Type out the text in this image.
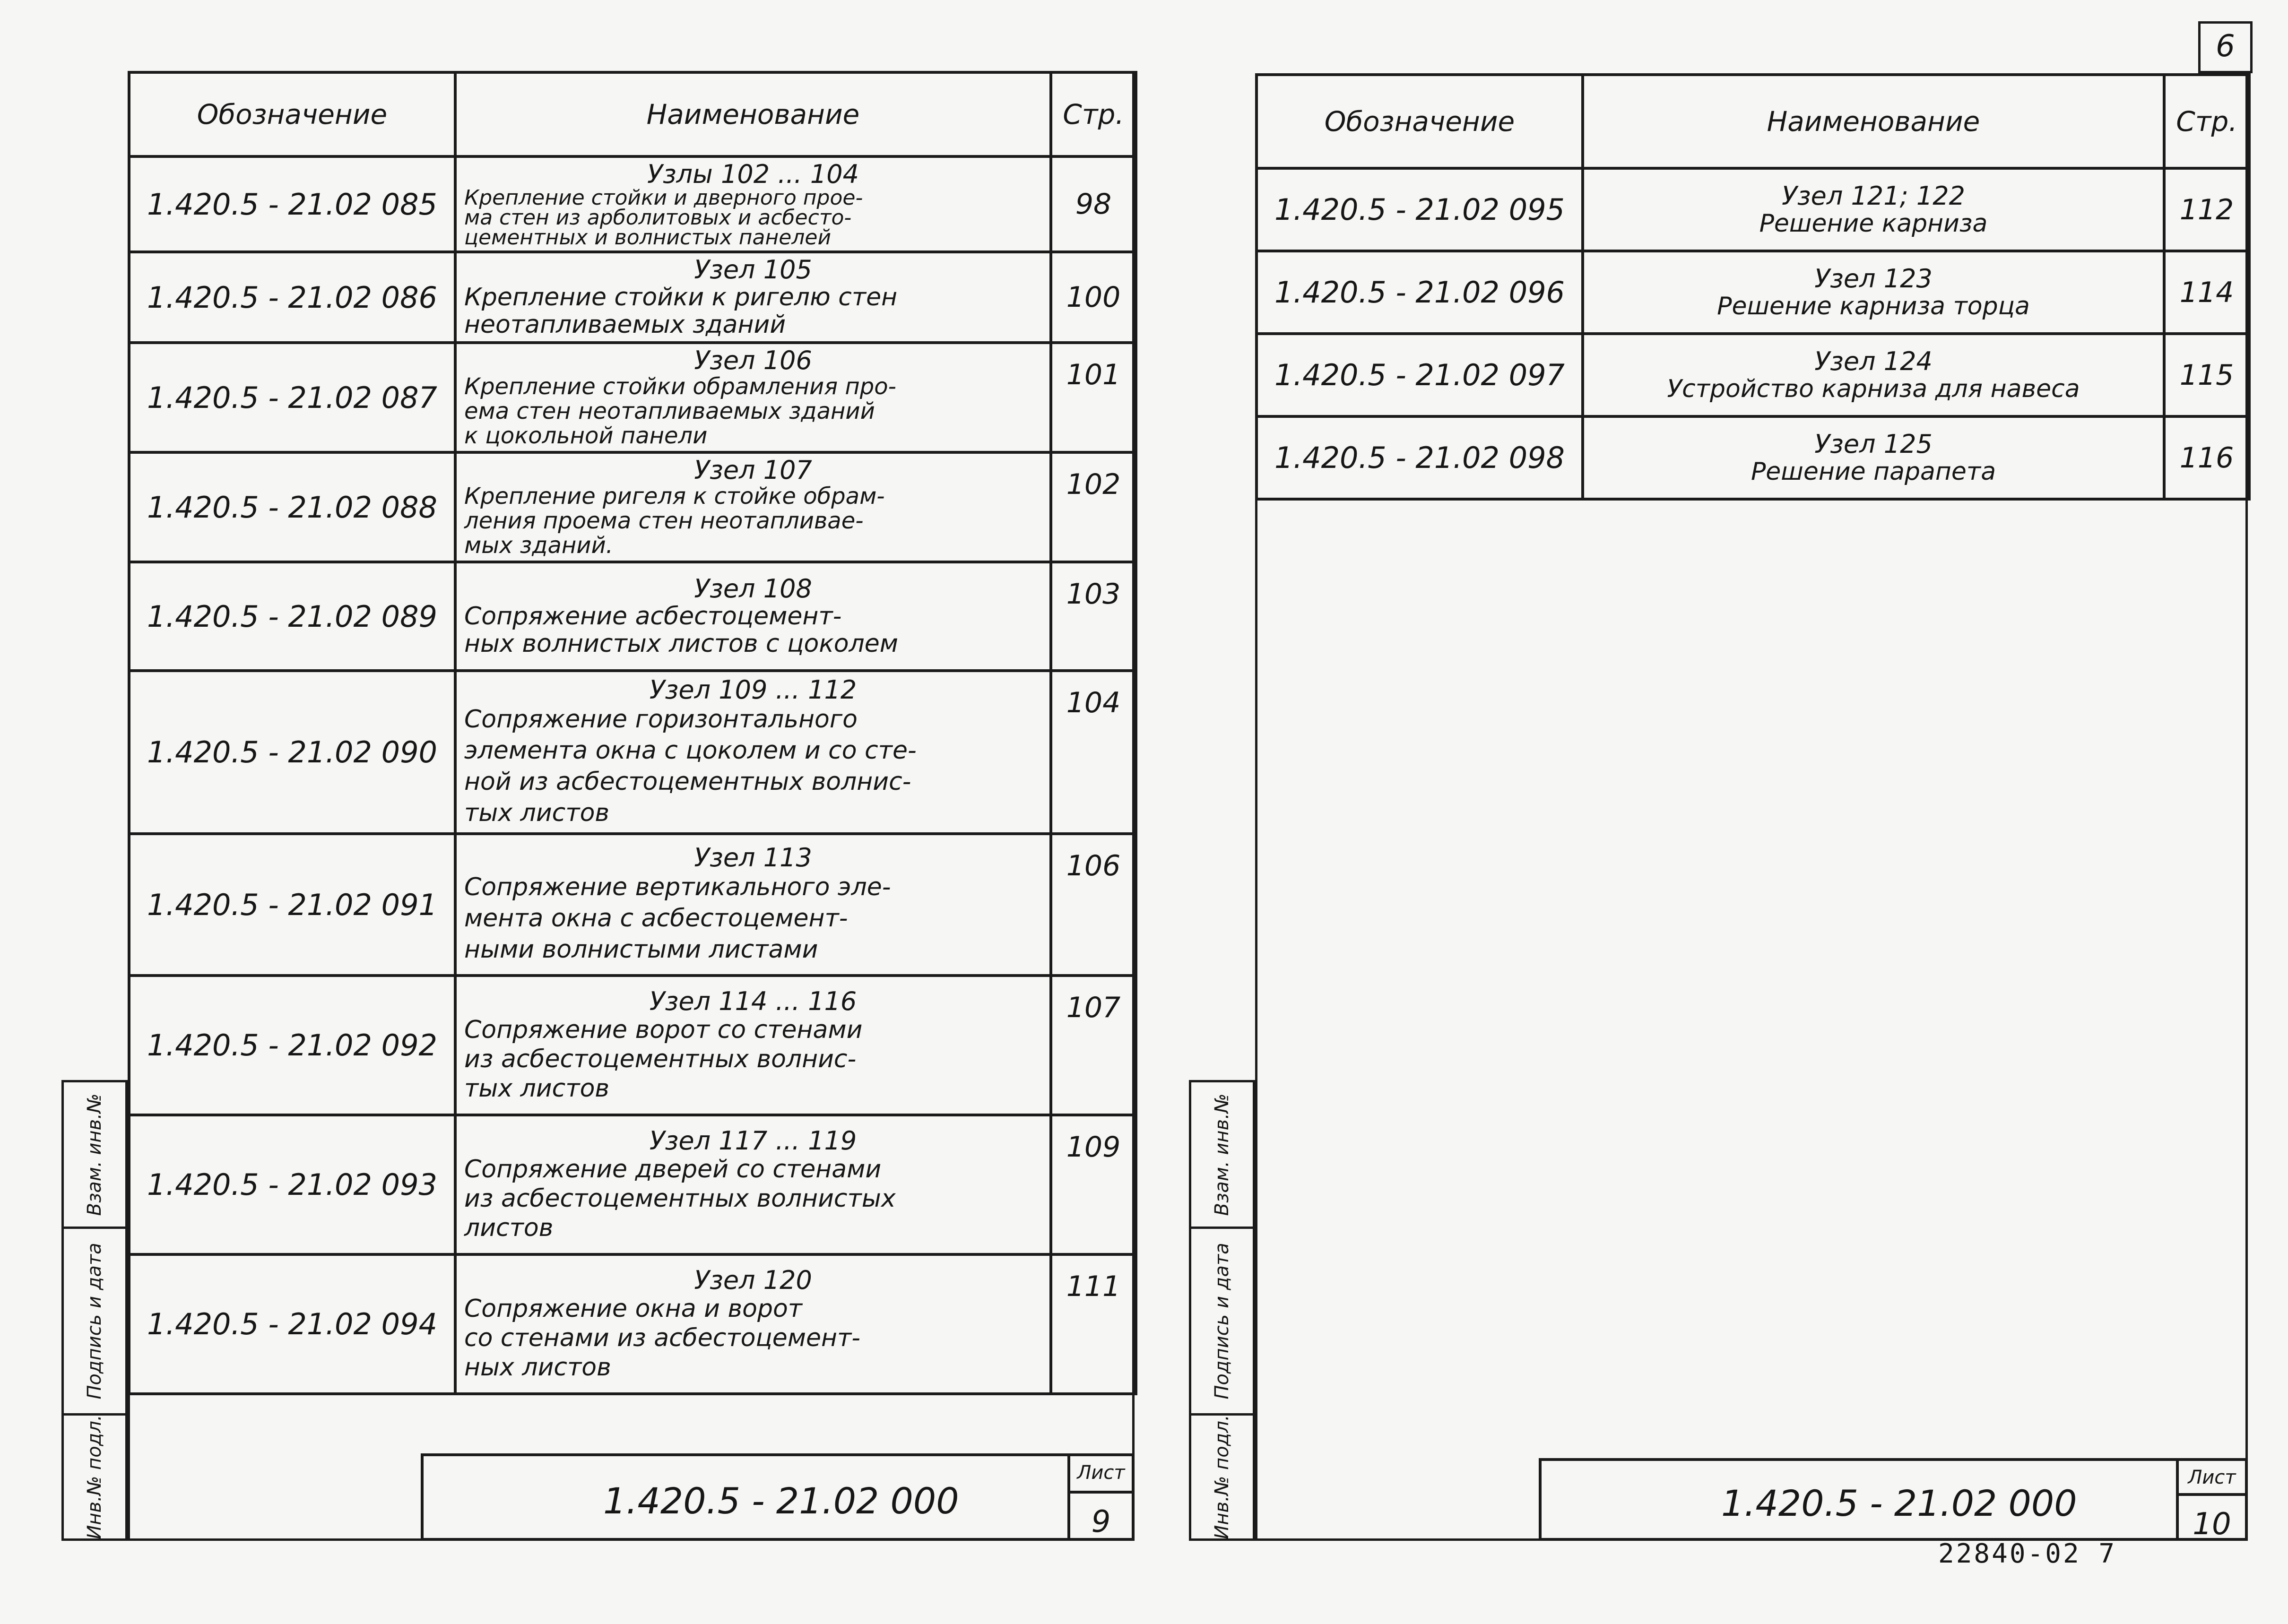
Обозначение	Наименование	Стр.
1.420.5 - 21.02 085	Узлы 102 ... 104
Крепление стойки и дверного прое-
ма стен из арболитовых и асбесто-
цементных и волнистых панелей	98
1.420.5 - 21.02 086	Узел 105
Крепление стойки к ригелю стен
неотапливаемых зданий	100
1.420.5 - 21.02 087	Узел 106
Крепление стойки обрамления про-
ема стен неотапливаемых зданий
к цокольной панели	101
1.420.5 - 21.02 088	Узел 107
Крепление ригеля к стойке обрам-
ления проема стен неотапливае-
мых зданий.	102
1.420.5 - 21.02 089	Узел 108
Сопряжение асбестоцемент-
ных волнистых листов с цоколем	103
1.420.5 - 21.02 090	Узел 109 ... 112
Сопряжение горизонтального
элемента окна с цоколем и со сте-
ной из асбестоцементных волнис-
тых листов	104
1.420.5 - 21.02 091	Узел 113
Сопряжение вертикального эле-
мента окна с асбестоцемент-
ными волнистыми листами	106
1.420.5 - 21.02 092	Узел 114 ... 116
Сопряжение ворот со стенами
из асбестоцементных волнис-
тых листов	107
1.420.5 - 21.02 093	Узел 117 ... 119
Сопряжение дверей со стенами
из асбестоцементных волнистых
листов	109
1.420.5 - 21.02 094	Узел 120
Сопряжение окна и ворот
со стенами из асбестоцемент-
ных листов	111
Взам. инв.№
Подпись и дата
Инв.№ подл.	1.420.5 - 21.02 000
Лист
9
Обозначение	Наименование	Стр.
1.420.5 - 21.02 095	Узел 121; 122
Решение карниза	112
1.420.5 - 21.02 096	Узел 123
Решение карниза торца	114
1.420.5 - 21.02 097	Узел 124
Устройство карниза для навеса	115
1.420.5 - 21.02 098	Узел 125
Решение парапета	116
Взам. инв.№
Подпись и дата
Инв.№ подл.	1.420.5 - 21.02 000
Лист
10
6
22840-02 7
